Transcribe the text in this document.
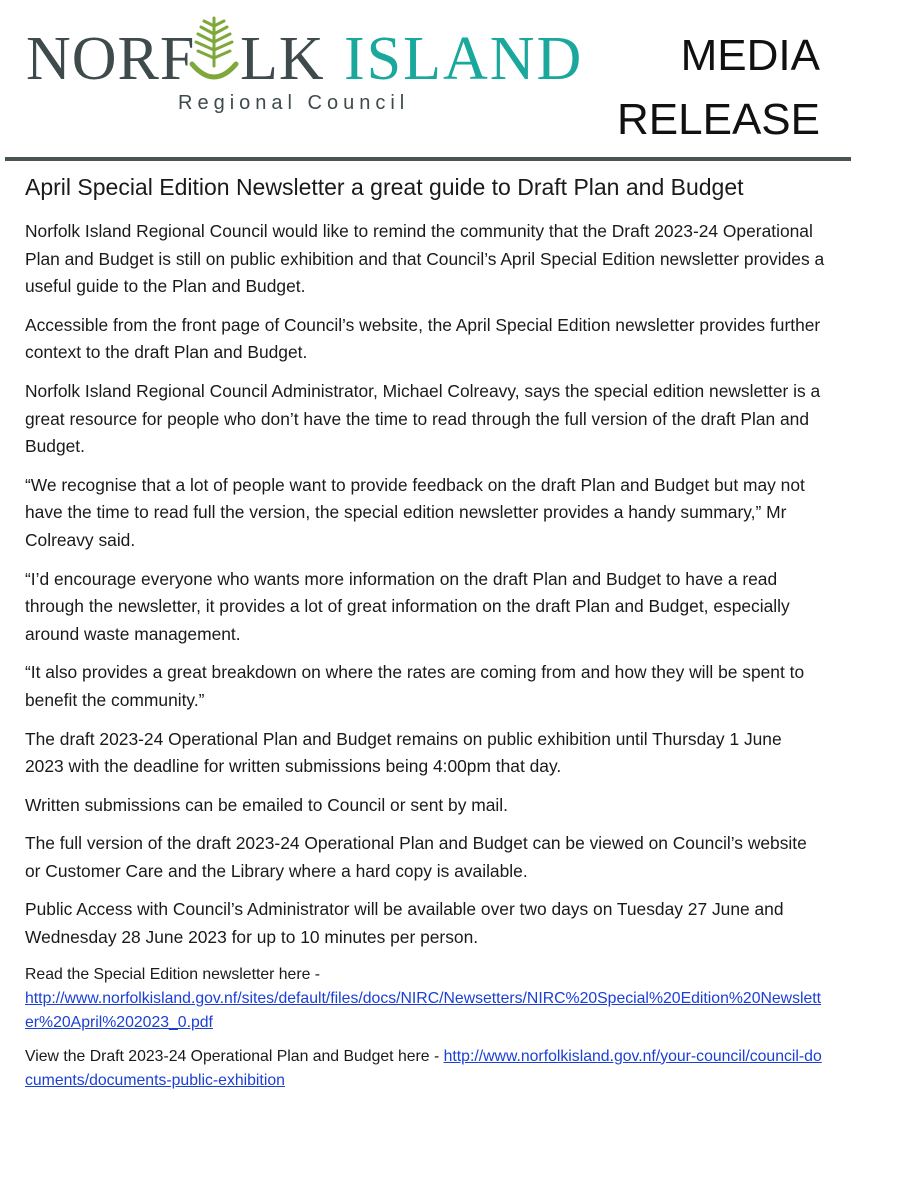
NORF LK ISLAND
Regional Council
MEDIA
RELEASE
April Special Edition Newsletter a great guide to Draft Plan and Budget

Norfolk Island Regional Council would like to remind the community that the Draft 2023-24 Operational Plan and Budget is still on public exhibition and that Council’s April Special Edition newsletter provides a useful guide to the Plan and Budget.

Accessible from the front page of Council’s website, the April Special Edition newsletter provides further context to the draft Plan and Budget.

Norfolk Island Regional Council Administrator, Michael Colreavy, says the special edition newsletter is a great resource for people who don’t have the time to read through the full version of the draft Plan and Budget.

“We recognise that a lot of people want to provide feedback on the draft Plan and Budget but may not have the time to read full the version, the special edition newsletter provides a handy summary,” Mr Colreavy said.

“I’d encourage everyone who wants more information on the draft Plan and Budget to have a read through the newsletter, it provides a lot of great information on the draft Plan and Budget, especially around waste management.

“It also provides a great breakdown on where the rates are coming from and how they will be spent to benefit the community.”

The draft 2023-24 Operational Plan and Budget remains on public exhibition until Thursday 1 June 2023 with the deadline for written submissions being 4:00pm that day.

Written submissions can be emailed to Council or sent by mail.

The full version of the draft 2023-24 Operational Plan and Budget can be viewed on Council’s website or Customer Care and the Library where a hard copy is available.

Public Access with Council’s Administrator will be available over two days on Tuesday 27 June and Wednesday 28 June 2023 for up to 10 minutes per person.

Read the Special Edition newsletter here -
http://www.norfolkisland.gov.nf/sites/default/files/docs/NIRC/Newsetters/NIRC%20Special%20Edition%20Newsletter%20April%202023_0.pdf

View the Draft 2023-24 Operational Plan and Budget here - http://www.norfolkisland.gov.nf/your-council/council-documents/documents-public-exhibition
